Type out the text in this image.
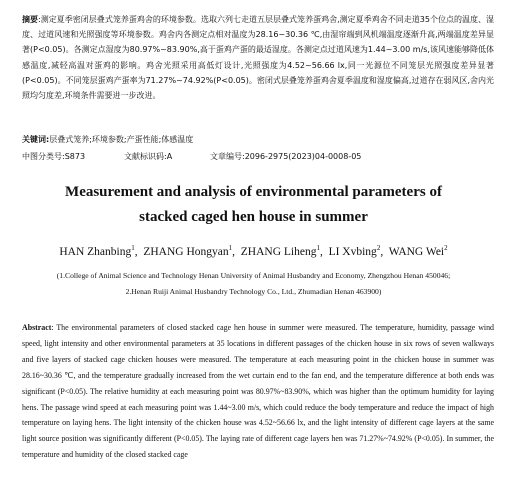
摘要:测定夏季密闭层叠式笼养蛋鸡舍的环境参数。选取六列七走道五层层叠式笼养蛋鸡舍,测定夏季鸡舍不同走道35个位点的温度、湿度、过道风速和光照强度等环境参数。鸡舍内各测定点相对温度为28.16~30.36 ℃,由湿帘端到风机端温度逐渐升高,两端温度差异显著(P<0.05)。各测定点湿度为80.97%~83.90%,高于蛋鸡产蛋的最适湿度。各测定点过道风速为1.44~3.00 m/s,该风速能够降低体感温度,减轻高温对蛋鸡的影响。鸡舍光照采用高低灯设计,光照强度为4.52~56.66 lx,同一光源位不同笼层光照强度差异显著(P<0.05)。不同笼层蛋鸡产蛋率为71.27%~74.92%(P<0.05)。密闭式层叠笼养蛋鸡舍夏季温度和湿度偏高,过道存在弱风区,舍内光照均匀度差,环境条件需要进一步改进。
关键词:层叠式笼养;环境参数;产蛋性能;体感温度
中图分类号:S873	文献标识码:A	文章编号:2096-2975(2023)04-0008-05
Measurement and analysis of environmental parameters of
stacked caged hen house in summer
HAN Zhanbing$^1$,  ZHANG Hongyan$^1$,  ZHANG Liheng$^1$,  LI Xvbing$^2$,  WANG Wei$^2$
(1.College of Animal Science and Technology Henan University of Animal Husbandry and Economy, Zhengzhou Henan 450046;
2.Henan Ruiji Animal Husbandry Technology Co., Ltd., Zhumadian Henan 463900)
Abstract: The environmental parameters of closed stacked cage hen house in summer were measured. The temperature, humidity, passage wind speed, light intensity and other environmental parameters at 35 locations in different passages of the chicken house in six rows of seven walkways and five layers of stacked cage chicken houses were measured. The temperature at each measuring point in the chicken house in summer was 28.16~30.36 ℃, and the temperature gradually increased from the wet curtain end to the fan end, and the temperature difference at both ends was significant (P<0.05). The relative humidity at each measuring point was 80.97%~83.90%, which was higher than the optimum humidity for laying hens. The passage wind speed at each measuring point was 1.44~3.00 m/s, which could reduce the body temperature and reduce the impact of high temperature on laying hens. The light intensity of the chicken house was 4.52~56.66 lx, and the light intensity of different cage layers at the same light source position was significantly different (P<0.05). The laying rate of different cage layers hen was 71.27%~74.92% (P<0.05). In summer, the temperature and humidity of the closed stacked cage
